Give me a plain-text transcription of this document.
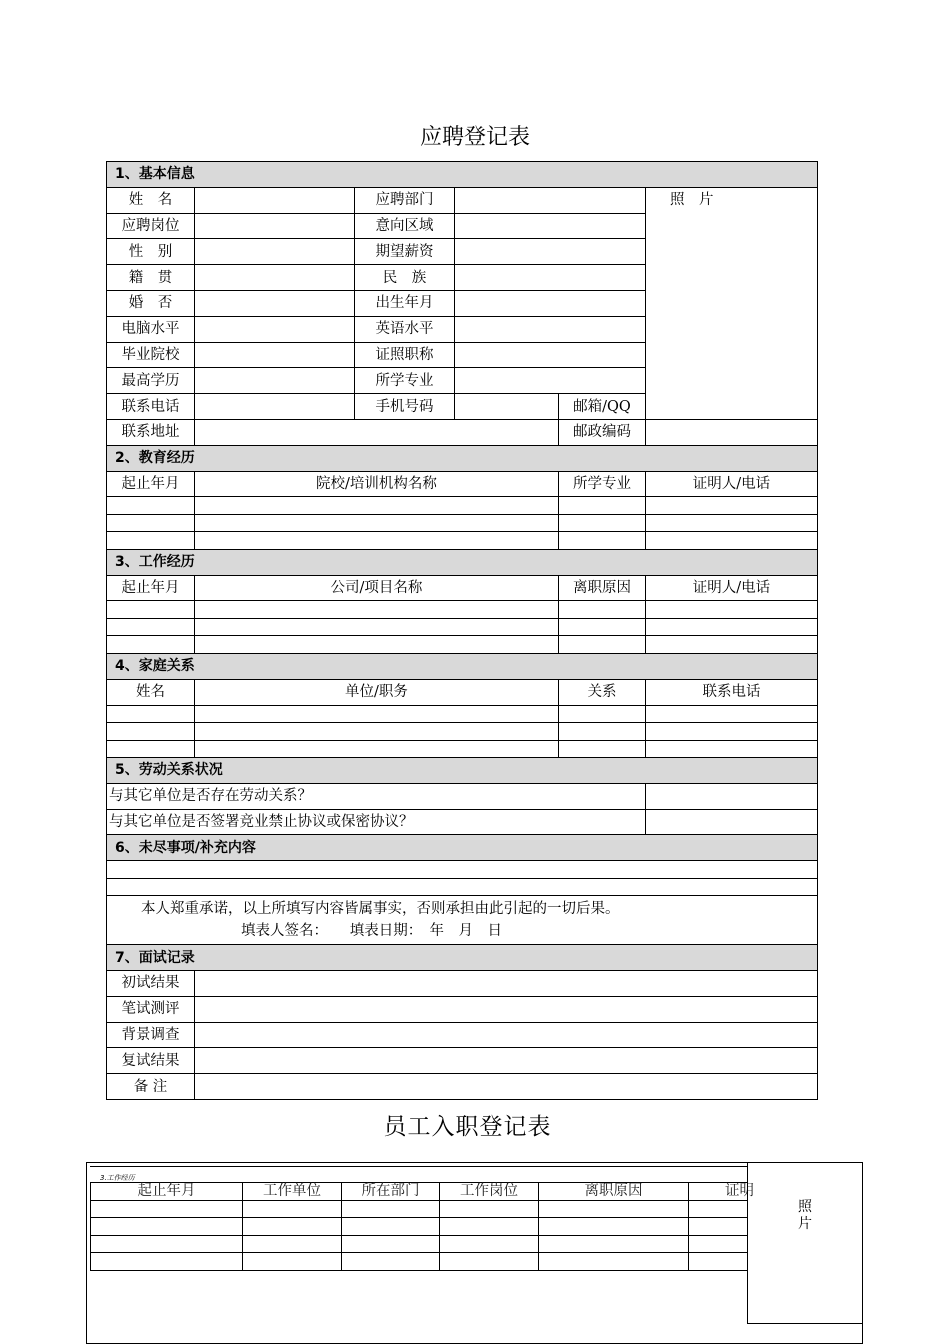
应聘登记表
1、基本信息					
姓　名		应聘部门			照　片
应聘岗位		意向区域			
性　别		期望薪资			
籍　贯		民　族			
婚　否		出生年月			
电脑水平		英语水平			
毕业院校		证照职称			
最高学历		所学专业			
联系电话		手机号码		邮箱/QQ	
联系地址				邮政编码	
2、教育经历					
起止年月	院校/培训机构名称			所学专业	证明人/电话

3、工作经历					
起止年月	公司/项目名称			离职原因	证明人/电话

4、家庭关系					
姓名	单位/职务			关系	联系电话

5、劳动关系状况					
与其它单位是否存在劳动关系？					
与其它单位是否签署竞业禁止协议或保密协议？					
6、未尽事项/补充内容					

本人郑重承诺，以上所填写内容皆属事实，否则承担由此引起的一切后果。
填表人签名：　　填表日期：　年　月　日					

7、面试记录					
初试结果					
笔试测评					
背景调查					
复试结果					
备 注					
员工入职登记表
3.工作经历
起止年月	工作单位	所在部门	工作岗位	离职原因	证明

照
片
